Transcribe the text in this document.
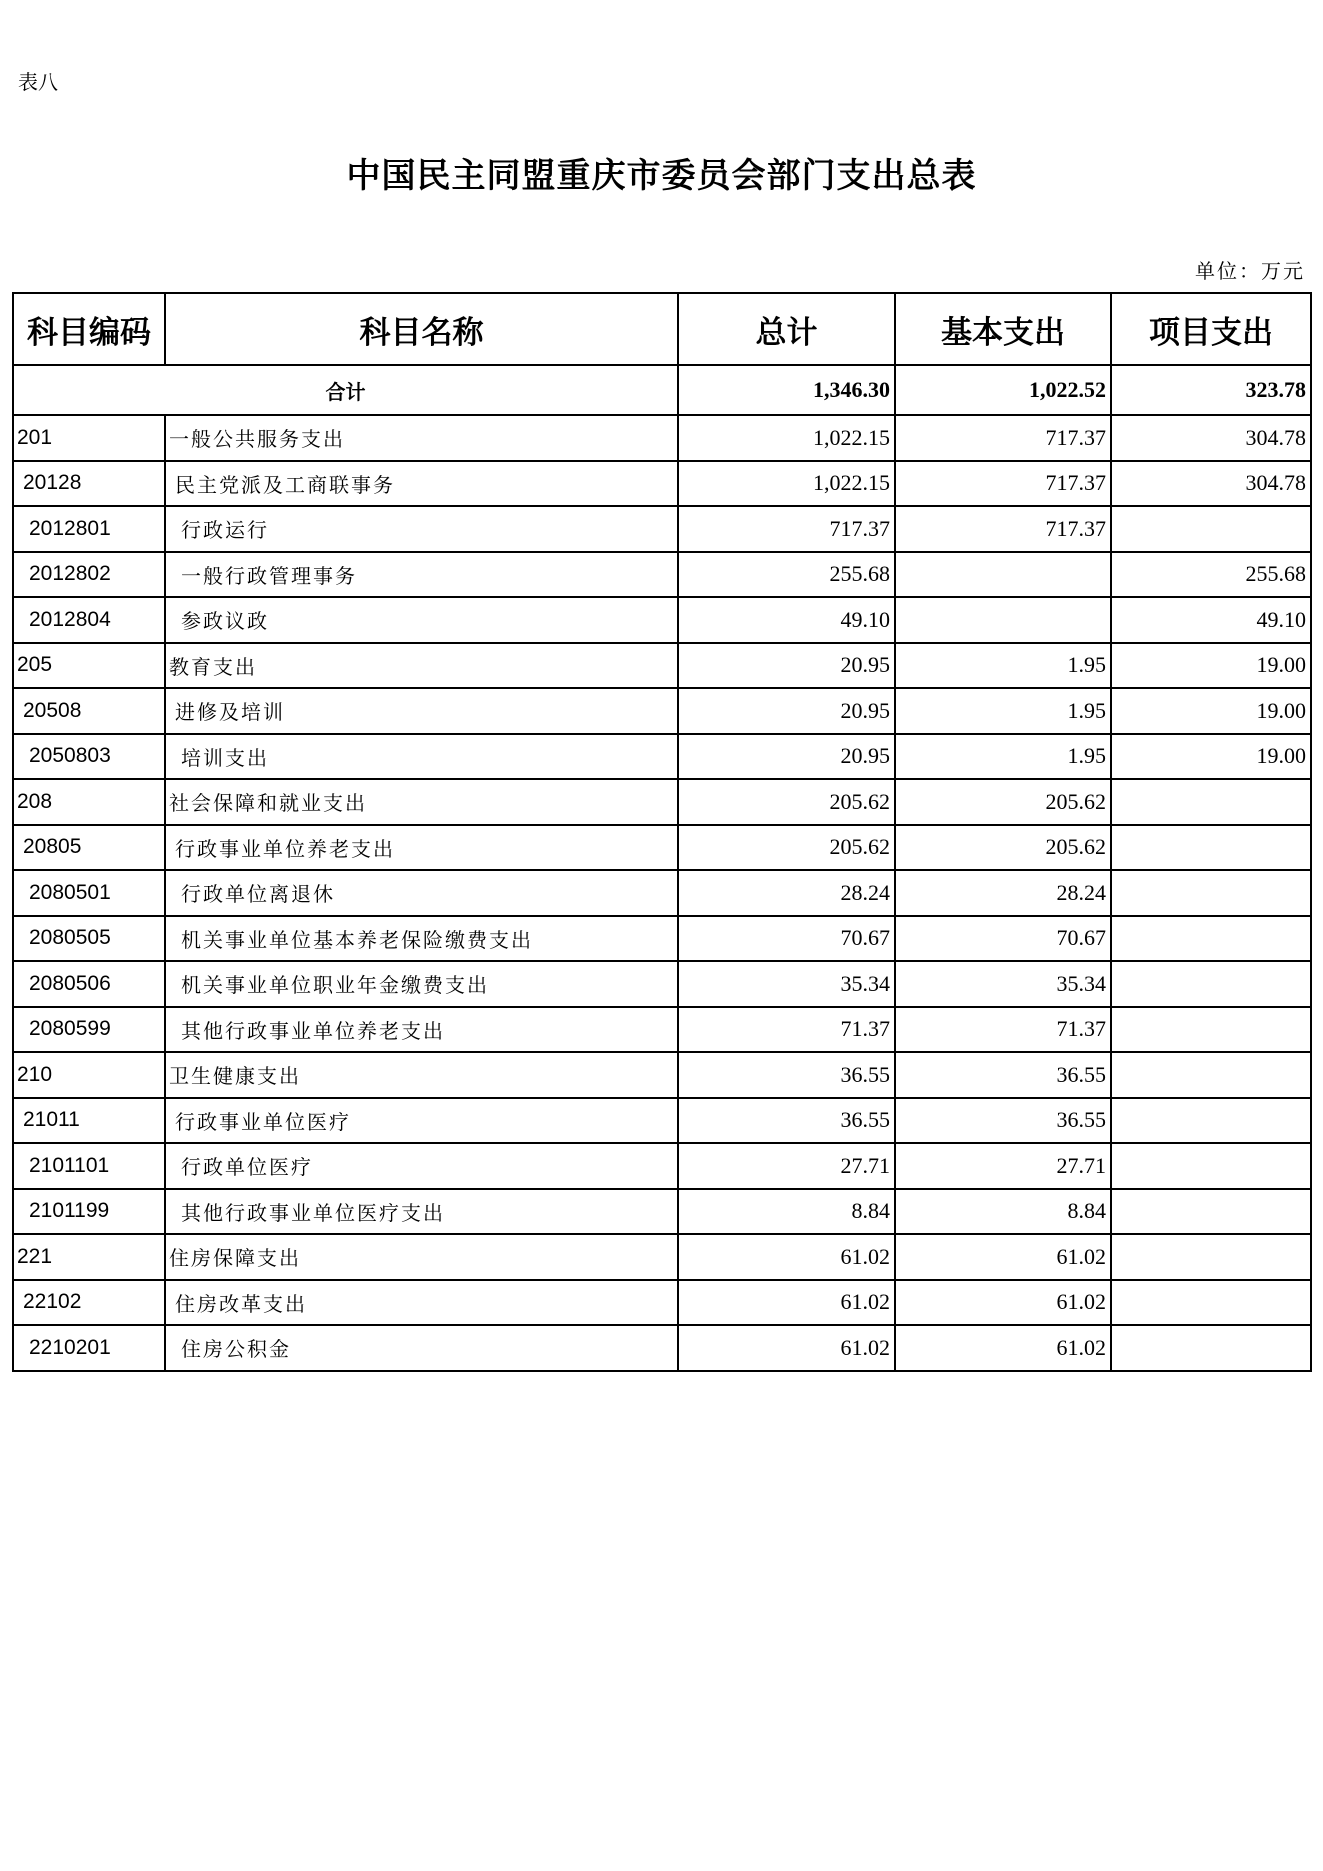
表八
中国民主同盟重庆市委员会部门支出总表
单位：万元
科目编码	科目名称	总计	基本支出	项目支出
合计		1,346.30	1,022.52	323.78
201	一般公共服务支出	1,022.15	717.37	304.78
20128	民主党派及工商联事务	1,022.15	717.37	304.78
2012801	行政运行	717.37	717.37	
2012802	一般行政管理事务	255.68		255.68
2012804	参政议政	49.10		49.10
205	教育支出	20.95	1.95	19.00
20508	进修及培训	20.95	1.95	19.00
2050803	培训支出	20.95	1.95	19.00
208	社会保障和就业支出	205.62	205.62	
20805	行政事业单位养老支出	205.62	205.62	
2080501	行政单位离退休	28.24	28.24	
2080505	机关事业单位基本养老保险缴费支出	70.67	70.67	
2080506	机关事业单位职业年金缴费支出	35.34	35.34	
2080599	其他行政事业单位养老支出	71.37	71.37	
210	卫生健康支出	36.55	36.55	
21011	行政事业单位医疗	36.55	36.55	
2101101	行政单位医疗	27.71	27.71	
2101199	其他行政事业单位医疗支出	8.84	8.84	
221	住房保障支出	61.02	61.02	
22102	住房改革支出	61.02	61.02	
2210201	住房公积金	61.02	61.02	
